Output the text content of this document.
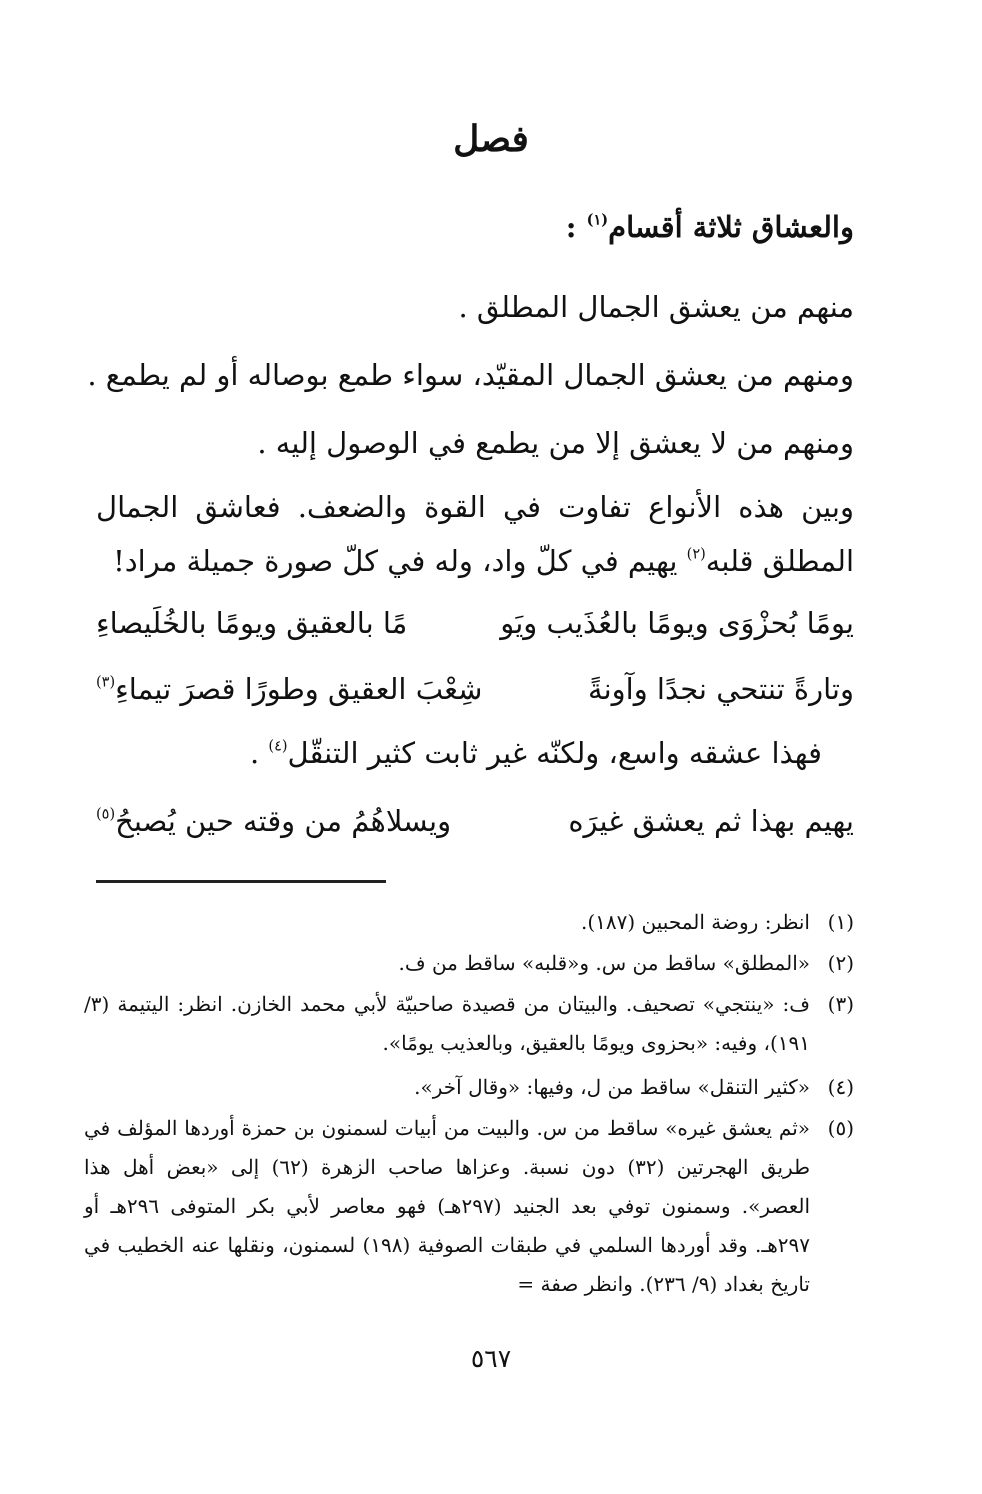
فصل
والعشاق ثلاثة أقسام$^{(١)}$ :
منهم من يعشق الجمال المطلق .
ومنهم من يعشق الجمال المقيّد، سواء طمع بوصاله أو لم يطمع .
ومنهم من لا يعشق إلا من يطمع في الوصول إليه .
وبين هذه الأنواع تفاوت في القوة والضعف. فعاشق الجمال
المطلق قلبه$^{(٢)}$ يهيم في كلّ واد، وله في كلّ صورة جميلة مراد!
يومًا بُحزْوَى ويومًا بالعُذَيب ويَو
مًا بالعقيق ويومًا بالخُلَيصاءِ
وتارةً تنتحي نجدًا وآونةً
شِعْبَ العقيق وطورًا قصرَ تيماءِ$^{(٣)}$
فهذا عشقه واسع، ولكنّه غير ثابت كثير التنقّل$^{(٤)}$ .
يهيم بهذا ثم يعشق غيرَه
ويسلاهُمُ من وقته حين يُصبحُ$^{(٥)}$
(١)
انظر: روضة المحبين (١٨٧).
(٢)
«المطلق» ساقط من س. و«قلبه» ساقط من ف.
(٣)
ف: «ينتجي» تصحيف. والبيتان من قصيدة صاحبيّة لأبي محمد الخازن. انظر: اليتيمة (٣/ ١٩١)، وفيه: «بحزوى ويومًا بالعقيق، وبالعذيب يومًا».
(٤)
«كثير التنقل» ساقط من ل، وفيها: «وقال آخر».
(٥)
«ثم يعشق غيره» ساقط من س. والبيت من أبيات لسمنون بن حمزة أوردها المؤلف في طريق الهجرتين (٣٢) دون نسبة. وعزاها صاحب الزهرة (٦٢) إلى «بعض أهل هذا العصر». وسمنون توفي بعد الجنيد (٢٩٧هـ) فهو معاصر لأبي بكر المتوفى ٢٩٦هـ أو ٢٩٧هـ. وقد أوردها السلمي في طبقات الصوفية (١٩٨) لسمنون، ونقلها عنه الخطيب في تاريخ بغداد (٩/ ٢٣٦). وانظر صفة =
٥٦٧
